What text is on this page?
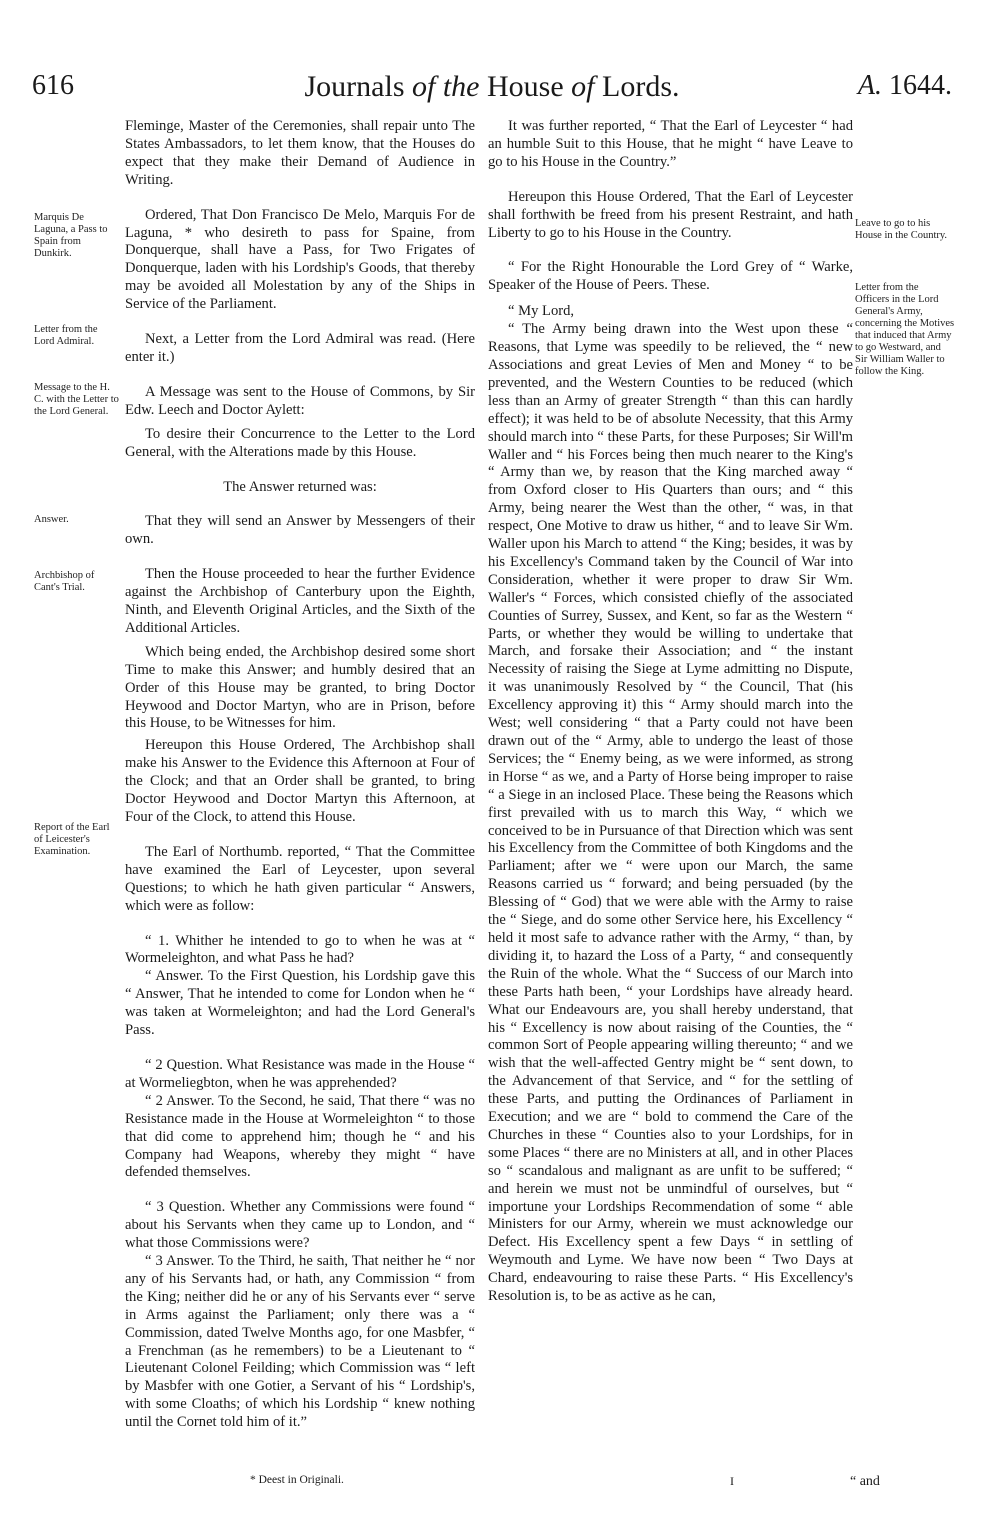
616	Journals of the House of Lords.	A. 1644.
Marquis De Laguna, a Pass to Spain from Dunkirk.
Letter from the Lord Admiral.
Message to the H. C. with the Letter to the Lord General.
Answer.
Archbishop of Cant's Trial.
Report of the Earl of Leicester's Examination.
Leave to go to his House in the Country.
Letter from the Officers in the Lord General's Army, concerning the Motives that induced that Army to go Westward, and Sir William Waller to follow the King.

Fleminge, Master of the Ceremonies, shall repair unto The States Ambassadors, to let them know, that the Houses do expect that they make their Demand of Audience in Writing.

Ordered, That Don Francisco De Melo, Marquis For de Laguna, * who desireth to pass for Spaine, from Donquerque, shall have a Pass, for Two Frigates of Donquerque, laden with his Lordship's Goods, that thereby may be avoided all Molestation by any of the Ships in Service of the Parliament.

Next, a Letter from the Lord Admiral was read. (Here enter it.)

A Message was sent to the House of Commons, by Sir Edw. Leech and Doctor Aylett:

To desire their Concurrence to the Letter to the Lord General, with the Alterations made by this House.

The Answer returned was:

That they will send an Answer by Messengers of their own.

Then the House proceeded to hear the further Evidence against the Archbishop of Canterbury upon the Eighth, Ninth, and Eleventh Original Articles, and the Sixth of the Additional Articles.

Which being ended, the Archbishop desired some short Time to make this Answer; and humbly desired that an Order of this House may be granted, to bring Doctor Heywood and Doctor Martyn, who are in Prison, before this House, to be Witnesses for him.

Hereupon this House Ordered, The Archbishop shall make his Answer to the Evidence this Afternoon at Four of the Clock; and that an Order shall be granted, to bring Doctor Heywood and Doctor Martyn this Afternoon, at Four of the Clock, to attend this House.

The Earl of Northumb. reported, “ That the Committee have examined the Earl of Leycester, upon several Questions; to which he hath given particular “ Answers, which were as follow:

“ 1. Whither he intended to go to when he was at “ Wormeleighton, and what Pass he had?

“ Answer. To the First Question, his Lordship gave this “ Answer, That he intended to come for London when he “ was taken at Wormeleighton; and had the Lord General's Pass.

“ 2 Question. What Resistance was made in the House “ at Wormeliegbton, when he was apprehended?

“ 2 Answer. To the Second, he said, That there “ was no Resistance made in the House at Wormeleighton “ to those that did come to apprehend him; though he “ and his Company had Weapons, whereby they might “ have defended themselves.

“ 3 Question. Whether any Commissions were found “ about his Servants when they came up to London, and “ what those Commissions were?

“ 3 Answer. To the Third, he saith, That neither he “ nor any of his Servants had, or hath, any Commission “ from the King; neither did he or any of his Servants ever “ serve in Arms against the Parliament; only there was a “ Commission, dated Twelve Months ago, for one Masbfer, “ a Frenchman (as he remembers) to be a Lieutenant to “ Lieutenant Colonel Feilding; which Commission was “ left by Masbfer with one Gotier, a Servant of his “ Lordship's, with some Cloaths; of which his Lordship “ knew nothing until the Cornet told him of it.”

It was further reported, “ That the Earl of Leycester “ had an humble Suit to this House, that he might “ have Leave to go to his House in the Country.”

Hereupon this House Ordered, That the Earl of Leycester shall forthwith be freed from his present Restraint, and hath Liberty to go to his House in the Country.

“ For the Right Honourable the Lord Grey of “ Warke, Speaker of the House of Peers. These.

“ My Lord,

“ The Army being drawn into the West upon these “ Reasons, that Lyme was speedily to be relieved, the “ new Associations and great Levies of Men and Money “ to be prevented, and the Western Counties to be reduced (which less than an Army of greater Strength “ than this can hardly effect); it was held to be of absolute Necessity, that this Army should march into “ these Parts, for these Purposes; Sir Will'm Waller and “ his Forces being then much nearer to the King's “ Army than we, by reason that the King marched away “ from Oxford closer to His Quarters than ours; and “ this Army, being nearer the West than the other, “ was, in that respect, One Motive to draw us hither, “ and to leave Sir Wm. Waller upon his March to attend “ the King; besides, it was by his Excellency's Command taken by the Council of War into Consideration, whether it were proper to draw Sir Wm. Waller's “ Forces, which consisted chiefly of the associated Counties of Surrey, Sussex, and Kent, so far as the Western “ Parts, or whether they would be willing to undertake that March, and forsake their Association; and “ the instant Necessity of raising the Siege at Lyme admitting no Dispute, it was unanimously Resolved by “ the Council, That (his Excellency approving it) this “ Army should march into the West; well considering “ that a Party could not have been drawn out of the “ Army, able to undergo the least of those Services; the “ Enemy being, as we were informed, as strong in Horse “ as we, and a Party of Horse being improper to raise “ a Siege in an inclosed Place. These being the Reasons which first prevailed with us to march this Way, “ which we conceived to be in Pursuance of that Direction which was sent his Excellency from the Committee of both Kingdoms and the Parliament; after we “ were upon our March, the same Reasons carried us “ forward; and being persuaded (by the Blessing of “ God) that we were able with the Army to raise the “ Siege, and do some other Service here, his Excellency “ held it most safe to advance rather with the Army, “ than, by dividing it, to hazard the Loss of a Party, “ and consequently the Ruin of the whole. What the “ Success of our March into these Parts hath been, “ your Lordships have already heard. What our Endeavours are, you shall hereby understand, that his “ Excellency is now about raising of the Counties, the “ common Sort of People appearing willing thereunto; “ and we wish that the well-affected Gentry might be “ sent down, to the Advancement of that Service, and “ for the settling of these Parts, and putting the Ordinances of Parliament in Execution; and we are “ bold to commend the Care of the Churches in these “ Counties also to your Lordships, for in some Places “ there are no Ministers at all, and in other Places so “ scandalous and malignant as are unfit to be suffered; “ and herein we must not be unmindful of ourselves, but “ importune your Lordships Recommendation of some “ able Ministers for our Army, wherein we must acknowledge our Defect. His Excellency spent a few Days “ in settling of Weymouth and Lyme. We have now been “ Two Days at Chard, endeavouring to raise these Parts. “ His Excellency's Resolution is, to be as active as he can,

* Deest in Originali.	I	“ and
